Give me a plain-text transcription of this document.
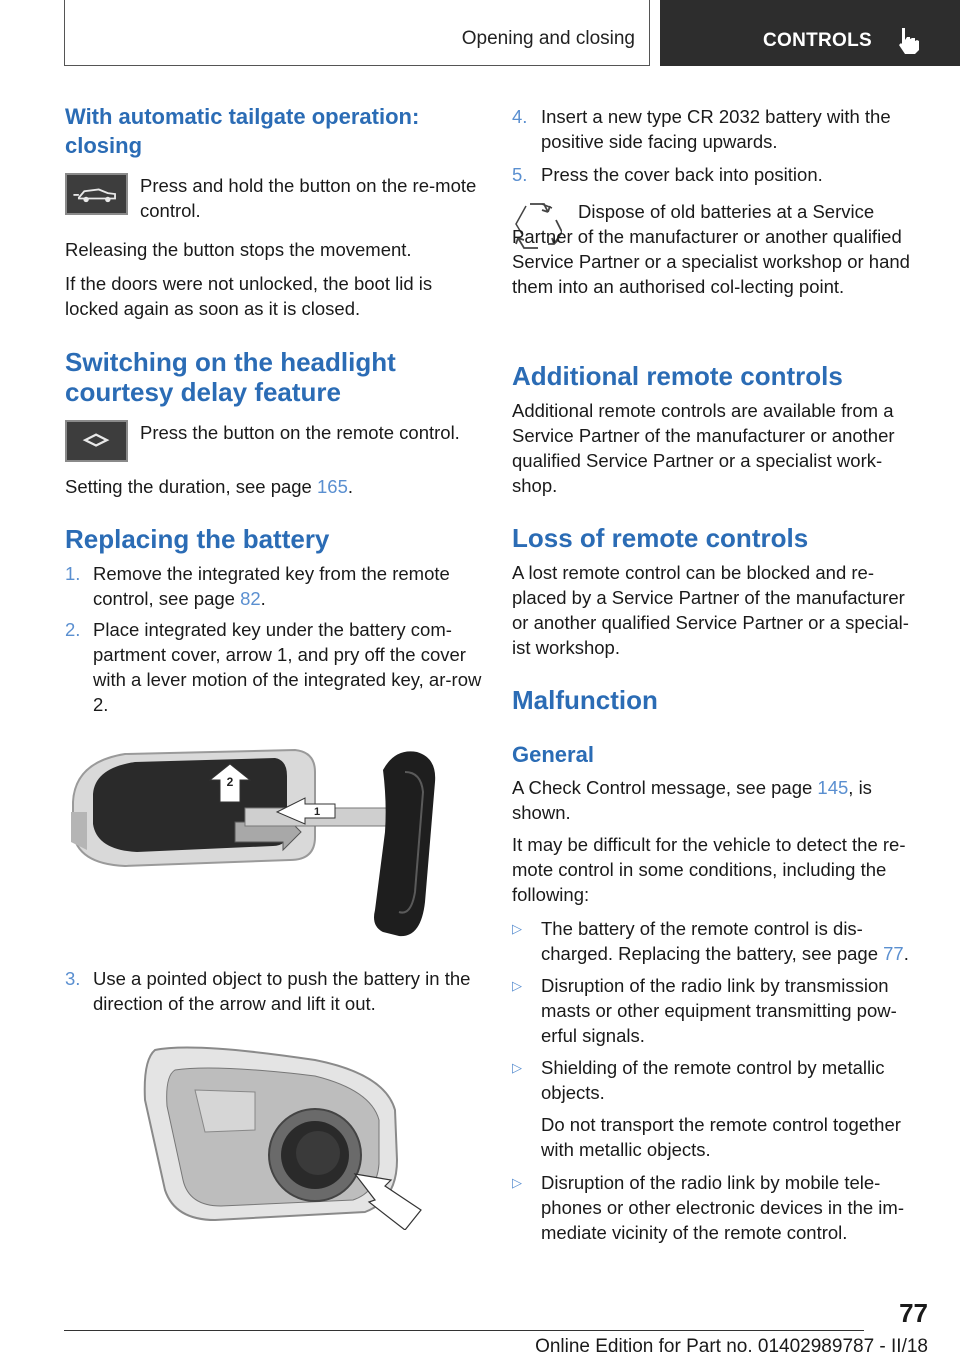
Opening and closing	CONTROLS
With automatic tailgate operation: closing
Press and hold the button on the re-mote control.
Releasing the button stops the movement.
If the doors were not unlocked, the boot lid is locked again as soon as it is closed.
Switching on the headlight courtesy delay feature
Press the button on the remote control.
Setting the duration, see page 165.
Replacing the battery
1. Remove the integrated key from the remote control, see page 82.
2. Place integrated key under the battery com-partment cover, arrow 1, and pry off the cover with a lever motion of the integrated key, ar-row 2.
2
1
3. Use a pointed object to push the battery in the direction of the arrow and lift it out.
4. Insert a new type CR 2032 battery with the positive side facing upwards.
5. Press the cover back into position.
Dispose of old batteries at a Service Partner of the manufacturer or another qualified Service Partner or a specialist workshop or hand them into an authorised col-lecting point.
Additional remote controls
Additional remote controls are available from a Service Partner of the manufacturer or another qualified Service Partner or a specialist work-shop.
Loss of remote controls
A lost remote control can be blocked and re-placed by a Service Partner of the manufacturer or another qualified Service Partner or a special-ist workshop.
Malfunction
General
A Check Control message, see page 145, is shown.
It may be difficult for the vehicle to detect the re-mote control in some conditions, including the following:
▷ The battery of the remote control is dis-charged. Replacing the battery, see page 77.
▷ Disruption of the radio link by transmission masts or other equipment transmitting pow-erful signals.
▷ Shielding of the remote control by metallic objects.
Do not transport the remote control together with metallic objects.
▷ Disruption of the radio link by mobile tele-phones or other electronic devices in the im-mediate vicinity of the remote control.
77
Online Edition for Part no. 01402989787 - II/18
